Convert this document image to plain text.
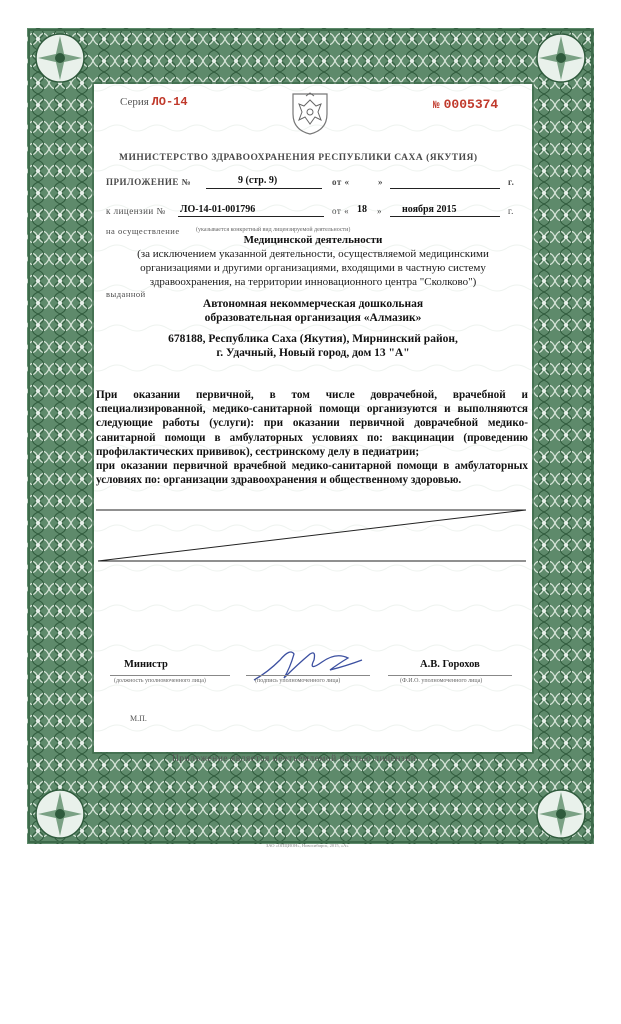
Серия ЛО-14	№ 0005374
МИНИСТЕРСТВО ЗДРАВООХРАНЕНИЯ РЕСПУБЛИКИ САХА (ЯКУТИЯ)
ПРИЛОЖЕНИЕ №	9 (стр. 9)	от «	»	г.
к лицензии № ЛО-14-01-001796	от « 18 » ноября 2015	г.
на осуществление	(указывается конкретный вид лицензируемой деятельности)
Медицинской деятельности
(за исключением указанной деятельности, осуществляемой медицинскими
организациями и другими организациями, входящими в частную систему
здравоохранения, на территории инновационного центра "Сколково")
выданной
Автономная некоммерческая дошкольная
образовательная организация «Алмазик»
678188, Республика Саха (Якутия), Мирнинский район,
г. Удачный, Новый город, дом 13 "А"

При оказании первичной, в том числе доврачебной, врачебной и специализированной, медико-санитарной помощи организуются и выполняются следующие работы (услуги): при оказании первичной доврачебной медико-санитарной помощи в амбулаторных условиях по: вакцинации (проведению профилактических прививок), сестринскому делу в педиатрии;

при оказании первичной врачебной медико-санитарной помощи в амбулаторных условиях по: организации здравоохранения и общественному здоровью.

Министр
(должность уполномоченного лица)	(подпись уполномоченного лица)
А.В. Горохов
(Ф.И.О. уполномоченного лица)
М.П.
Приложение является неотъемлемой частью лицензии
ЗАО «ОПЦИОН», Новосибирск, 2015, «А»
